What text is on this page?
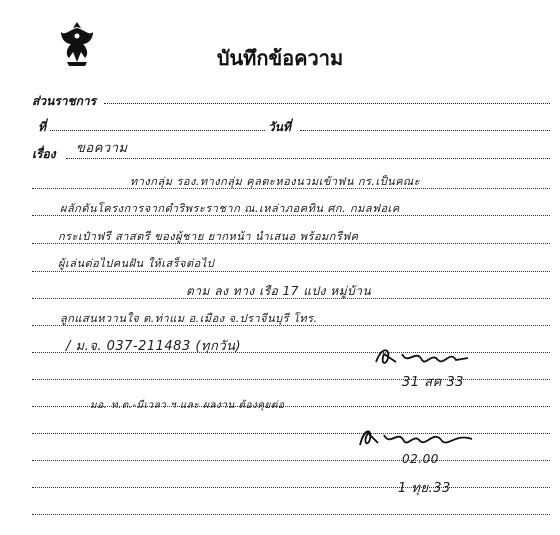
บันทึกข้อความ
ส่วนราชการ
ที่	วันที่
เรื่อง ขอความ
ทางกลุ่ม รอง.ทางกลุ่ม คุลตะหองนวมเข้าฟน กร.เป็นคณะ
ผลักดันโครงการจากดำริพระราชาก ณ.เหล่าภอคทิน ศก. กมลฟอเค
กระเป๋าฟรี สาสตรี ของผู้ชาย ยากหน้า นำเสนอ พร้อมกรีฟค
ผู้เล่นต่อไปคนฝัน ให้เสร็จต่อไป
ตาม ลง ทาง เรือ 17 แปง หมู่บ้าน
ลูกแสนหวานใจ ต.ท่าแม อ.เมือง จ.ปราจีนบุรี โทร.
/ ม.จ. 037-211483 (ทุกวัน)
31 สค 33
มอ. ท.ต.-มีเวลา ฯ และ ผลงาน ต้องคุยต่อ
02.00
1 ทุย.33
